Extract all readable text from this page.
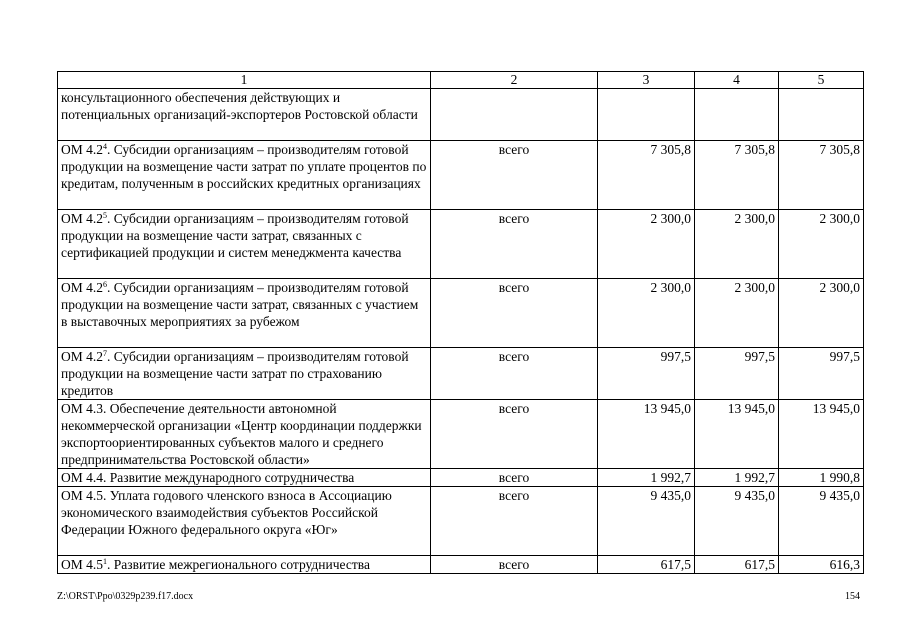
1	2	3	4	5
консультационного обеспечения действующих и потенциальных организаций-экспортеров Ростовской области				
ОМ $4.2^4$. Субсидии организациям – производителям готовой продукции на возмещение части затрат по уплате процентов по кредитам, полученным в российских кредитных организациях	всего	7 305,8	7 305,8	7 305,8
ОМ $4.2^5$. Субсидии организациям – производителям готовой продукции на возмещение части затрат, связанных с сертификацией продукции и систем менеджмента качества	всего	2 300,0	2 300,0	2 300,0
ОМ $4.2^6$. Субсидии организациям – производителям готовой продукции на возмещение части затрат, связанных с участием в выставочных мероприятиях за рубежом	всего	2 300,0	2 300,0	2 300,0
ОМ $4.2^7$. Субсидии организациям – производителям готовой продукции на возмещение части затрат по страхованию кредитов	всего	997,5	997,5	997,5
ОМ 4.3. Обеспечение деятельности автономной некоммерческой организации «Центр координации поддержки экспортоориентированных субъектов малого и среднего предпринимательства Ростовской области»	всего	13 945,0	13 945,0	13 945,0
ОМ 4.4. Развитие международного сотрудничества	всего	1 992,7	1 992,7	1 990,8
ОМ 4.5. Уплата годового членского взноса в Ассоциацию экономического взаимодействия субъектов Российской Федерации Южного федерального округа «Юг»	всего	9 435,0	9 435,0	9 435,0
ОМ $4.5^1$. Развитие межрегионального сотрудничества	всего	617,5	617,5	616,3
Z:\ORST\Ppo\0329p239.f17.docx	154
